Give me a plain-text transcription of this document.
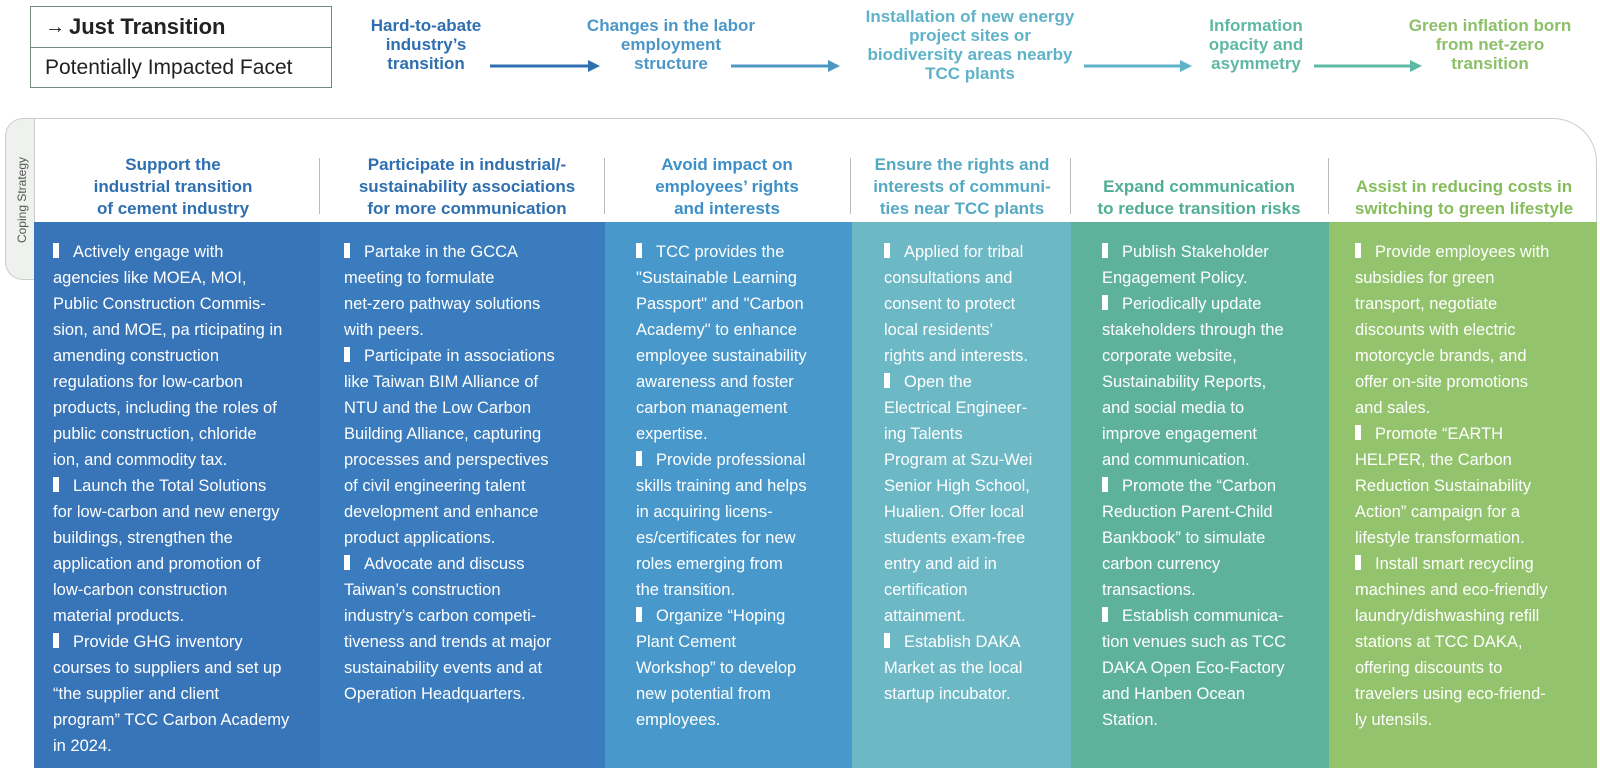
→ Just Transition
Potentially Impacted Facet
Hard-to-abate
industry’s
transition
Changes in the labor
employment
structure
Installation of new energy
project sites or
biodiversity areas nearby
TCC plants
Information
opacity and
asymmetry
Green inflation born
from net-zero
transition
Coping Strategy	Support the
industrial transition
of cement industry
Participate in industrial/-
sustainability associations
for more communication
Avoid impact on
employees’ rights
and interests
Ensure the rights and
interests of communi-
ties near TCC plants
Expand communication
to reduce transition risks
Assist in reducing costs in
switching to green lifestyle
Actively engage with
agencies like MOEA, MOI,
Public Construction Commis-
sion, and MOE, pa rticipating in
amending construction
regulations for low-carbon
products, including the roles of
public construction, chloride
ion, and commodity tax.
Launch the Total Solutions
for low-carbon and new energy
buildings, strengthen the
application and promotion of
low-carbon construction
material products.
Provide GHG inventory
courses to suppliers and set up
“the supplier and client
program” TCC Carbon Academy
in 2024.
Partake in the GCCA
meeting to formulate
net-zero pathway solutions
with peers.
Participate in associations
like Taiwan BIM Alliance of
NTU and the Low Carbon
Building Alliance, capturing
processes and perspectives
of civil engineering talent
development and enhance
product applications.
Advocate and discuss
Taiwan’s construction
industry’s carbon competi-
tiveness and trends at major
sustainability events and at
Operation Headquarters.
TCC provides the
"Sustainable Learning
Passport" and "Carbon
Academy" to enhance
employee sustainability
awareness and foster
carbon management
expertise.
Provide professional
skills training and helps
in acquiring licens-
es/certificates for new
roles emerging from
the transition.
Organize “Hoping
Plant Cement
Workshop” to develop
new potential from
employees.
Applied for tribal
consultations and
consent to protect
local residents’
rights and interests.
Open the
Electrical Engineer-
ing Talents
Program at Szu-Wei
Senior High School,
Hualien. Offer local
students exam-free
entry and aid in
certification
attainment.
Establish DAKA
Market as the local
startup incubator.
Publish Stakeholder
Engagement Policy.
Periodically update
stakeholders through the
corporate website,
Sustainability Reports,
and social media to
improve engagement
and communication.
Promote the “Carbon
Reduction Parent-Child
Bankbook” to simulate
carbon currency
transactions.
Establish communica-
tion venues such as TCC
DAKA Open Eco-Factory
and Hanben Ocean
Station.
Provide employees with
subsidies for green
transport, negotiate
discounts with electric
motorcycle brands, and
offer on-site promotions
and sales.
Promote “EARTH
HELPER, the Carbon
Reduction Sustainability
Action” campaign for a
lifestyle transformation.
Install smart recycling
machines and eco-friendly
laundry/dishwashing refill
stations at TCC DAKA,
offering discounts to
travelers using eco-friend-
ly utensils.
